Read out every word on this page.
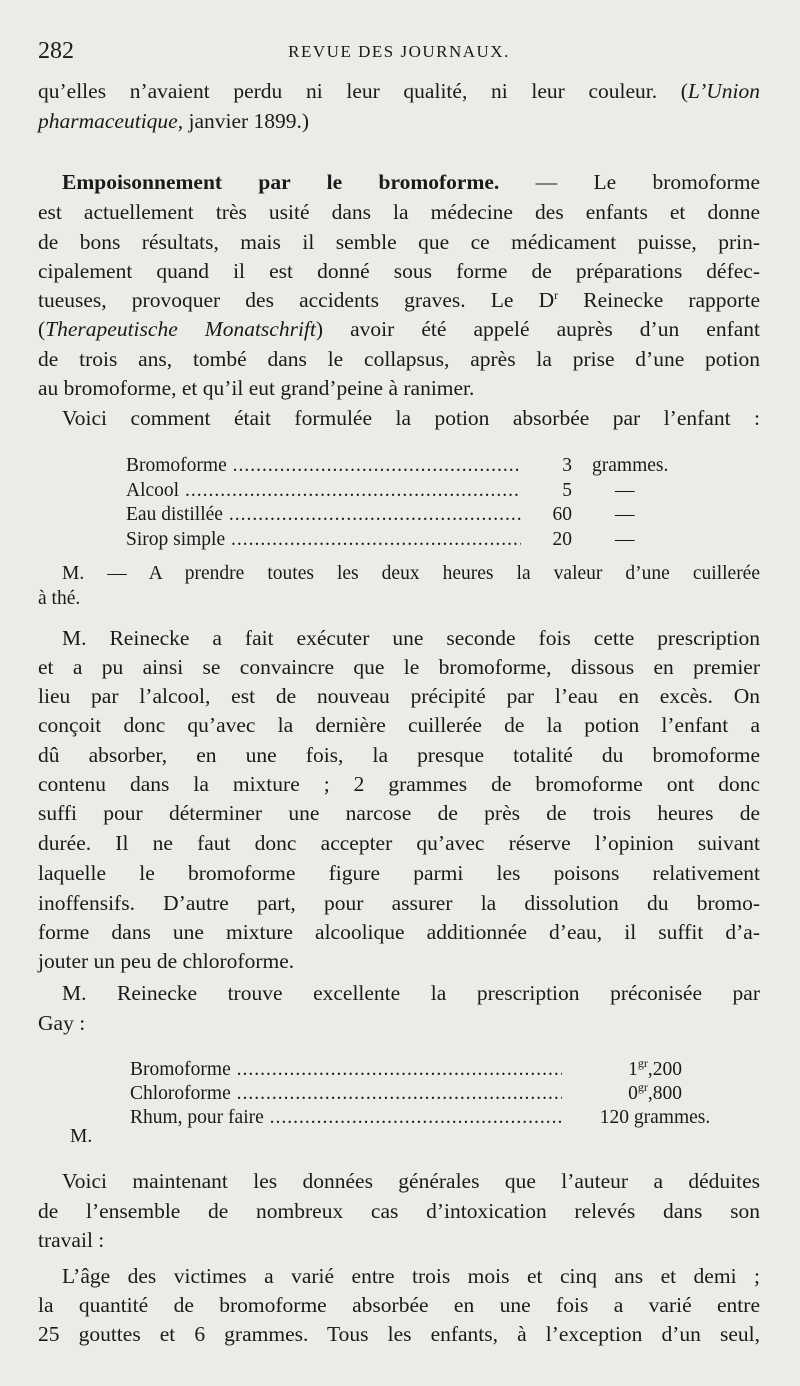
282	REVUE DES JOURNAUX.
qu’elles n’avaient perdu ni leur qualité, ni leur couleur. (L’Union
pharmaceutique, janvier 1899.)
Empoisonnement par le bromoforme. — Le bromoforme
est actuellement très usité dans la médecine des enfants et donne
de bons résultats, mais il semble que ce médicament puisse, prin-
cipalement quand il est donné sous forme de préparations défec-
tueuses, provoquer des accidents graves. Le $D^r$ Reinecke rapporte
(Therapeutische Monatschrift) avoir été appelé auprès d’un enfant
de trois ans, tombé dans le collapsus, après la prise d’une potion
au bromoforme, et qu’il eut grand’peine à ranimer.
Voici comment était formulée la potion absorbée par l’enfant :
Bromoforme .....	3 grammes.
Alcool .....	5 —
Eau distillée .....	60 —
Sirop simple .....	20 —
M. — A prendre toutes les deux heures la valeur d’une cuillerée
à thé.
M. Reinecke a fait exécuter une seconde fois cette prescription
et a pu ainsi se convaincre que le bromoforme, dissous en premier
lieu par l’alcool, est de nouveau précipité par l’eau en excès. On
conçoit donc qu’avec la dernière cuillerée de la potion l’enfant a
dû absorber, en une fois, la presque totalité du bromoforme
contenu dans la mixture ; 2 grammes de bromoforme ont donc
suffi pour déterminer une narcose de près de trois heures de
durée. Il ne faut donc accepter qu’avec réserve l’opinion suivant
laquelle le bromoforme figure parmi les poisons relativement
inoffensifs. D’autre part, pour assurer la dissolution du bromo-
forme dans une mixture alcoolique additionnée d’eau, il suffit d’a-
jouter un peu de chloroforme.
M. Reinecke trouve excellente la prescription préconisée par
Gay :
Bromoforme .....	$1^{gr},200$
Chloroforme .....	$0^{gr},800$
Rhum, pour faire .....	120 grammes.
M.
Voici maintenant les données générales que l’auteur a déduites
de l’ensemble de nombreux cas d’intoxication relevés dans son
travail :
L’âge des victimes a varié entre trois mois et cinq ans et demi ;
la quantité de bromoforme absorbée en une fois a varié entre
25 gouttes et 6 grammes. Tous les enfants, à l’exception d’un seul,
